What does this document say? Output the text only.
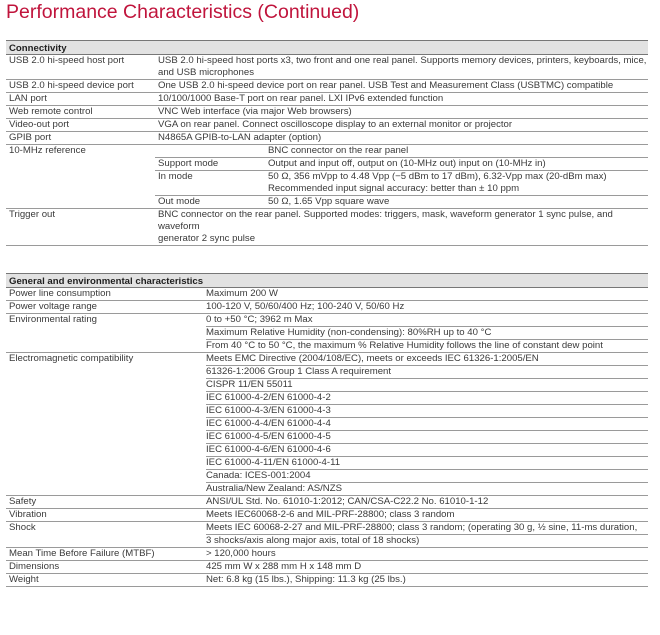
Performance Characteristics (Continued)
Connectivity
USB 2.0 hi-speed host port	USB 2.0 hi-speed host ports x3, two front and one real panel. Supports memory devices, printers, keyboards, mice,
and USB microphones
USB 2.0 hi-speed device port	One USB 2.0 hi-speed device port on rear panel. USB Test and Measurement Class (USBTMC) compatible
LAN port	10/100/1000 Base-T port on rear panel. LXI IPv6 extended function
Web remote control	VNC Web interface (via major Web browsers)
Video-out port	VGA on rear panel. Connect oscilloscope display to an external monitor or projector
GPIB port	N4865A GPIB-to-LAN adapter (option)
10-MHz reference	BNC connector on the rear panel
Support mode	Output and input off, output on (10-MHz out) input on (10-MHz in)
In mode	50 Ω, 356 mVpp to 4.48 Vpp (−5 dBm to 17 dBm), 6.32-Vpp max (20-dBm max)
Recommended input signal accuracy: better than ± 10 ppm
Out mode	50 Ω, 1.65 Vpp square wave
Trigger out	BNC connector on the rear panel. Supported modes: triggers, mask, waveform generator 1 sync pulse, and waveform
generator 2 sync pulse
General and environmental characteristics
Power line consumption	Maximum 200 W
Power voltage range	100-120 V, 50/60/400 Hz; 100-240 V, 50/60 Hz
Environmental rating	0 to +50 °C; 3962 m Max
Maximum Relative Humidity (non-condensing): 80%RH up to 40 °C
From 40 °C to 50 °C, the maximum % Relative Humidity follows the line of constant dew point
Electromagnetic compatibility	Meets EMC Directive (2004/108/EC), meets or exceeds IEC 61326-1:2005/EN
61326-1:2006 Group 1 Class A requirement
CISPR 11/EN 55011
IEC 61000-4-2/EN 61000-4-2
IEC 61000-4-3/EN 61000-4-3
IEC 61000-4-4/EN 61000-4-4
IEC 61000-4-5/EN 61000-4-5
IEC 61000-4-6/EN 61000-4-6
IEC 61000-4-11/EN 61000-4-11
Canada: ICES-001:2004
Australia/New Zealand: AS/NZS
Safety	ANSI/UL Std. No. 61010-1:2012; CAN/CSA-C22.2 No. 61010-1-12
Vibration	Meets IEC60068-2-6 and MIL-PRF-28800; class 3 random
Shock	Meets IEC 60068-2-27 and MIL-PRF-28800; class 3 random; (operating 30 g, ½ sine, 11-ms duration,
3 shocks/axis along major axis, total of 18 shocks)
Mean Time Before Failure (MTBF)	> 120,000 hours
Dimensions	425 mm W x 288 mm H x 148 mm D
Weight	Net: 6.8 kg (15 lbs.), Shipping: 11.3 kg (25 lbs.)
